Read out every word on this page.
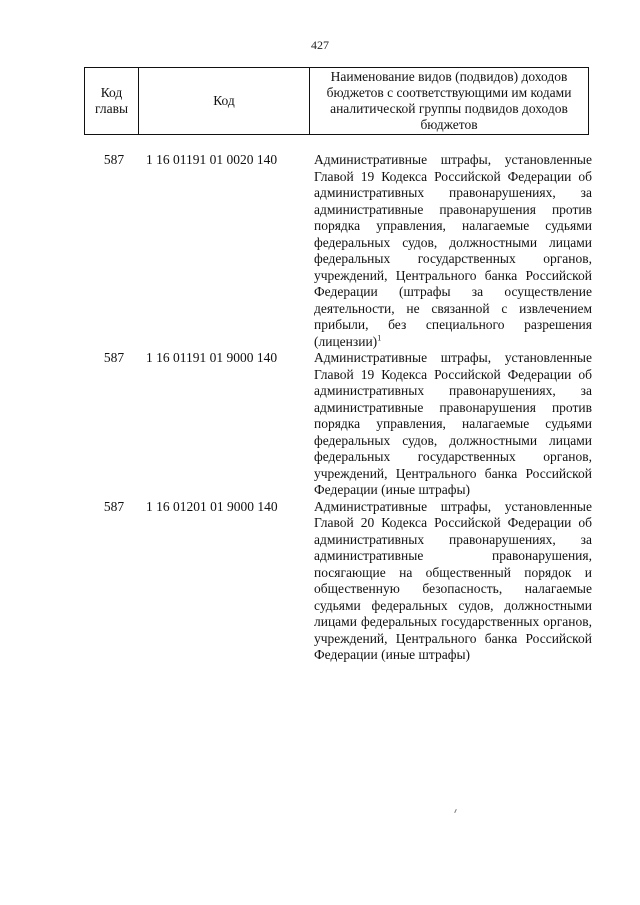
427
Код главы	Код	Наименование видов (подвидов) доходов бюджетов с соответствующими им кодами аналитической группы подвидов доходов бюджетов
587	1 16 01191 01 0020 140	Административные штрафы, установленные Главой 19 Кодекса Российской Федерации об административных правонарушениях, за административные правонарушения против порядка управления, налагаемые судьями федеральных судов, должностными лицами федеральных государственных органов, учреждений, Центрального банка Российской Федерации (штрафы за осуществление деятельности, не связанной с извлечением прибыли, без специального разрешения (лицензии)$^1$
587	1 16 01191 01 9000 140	Административные штрафы, установленные Главой 19 Кодекса Российской Федерации об административных правонарушениях, за административные правонарушения против порядка управления, налагаемые судьями федеральных судов, должностными лицами федеральных государственных органов, учреждений, Центрального банка Российской Федерации (иные штрафы)
587	1 16 01201 01 9000 140	Административные штрафы, установленные Главой 20 Кодекса Российской Федерации об административных правонарушениях, за административные правонарушения, посягающие на общественный порядок и общественную безопасность, налагаемые судьями федеральных судов, должностными лицами федеральных государственных органов, учреждений, Центрального банка Российской Федерации (иные штрафы)
